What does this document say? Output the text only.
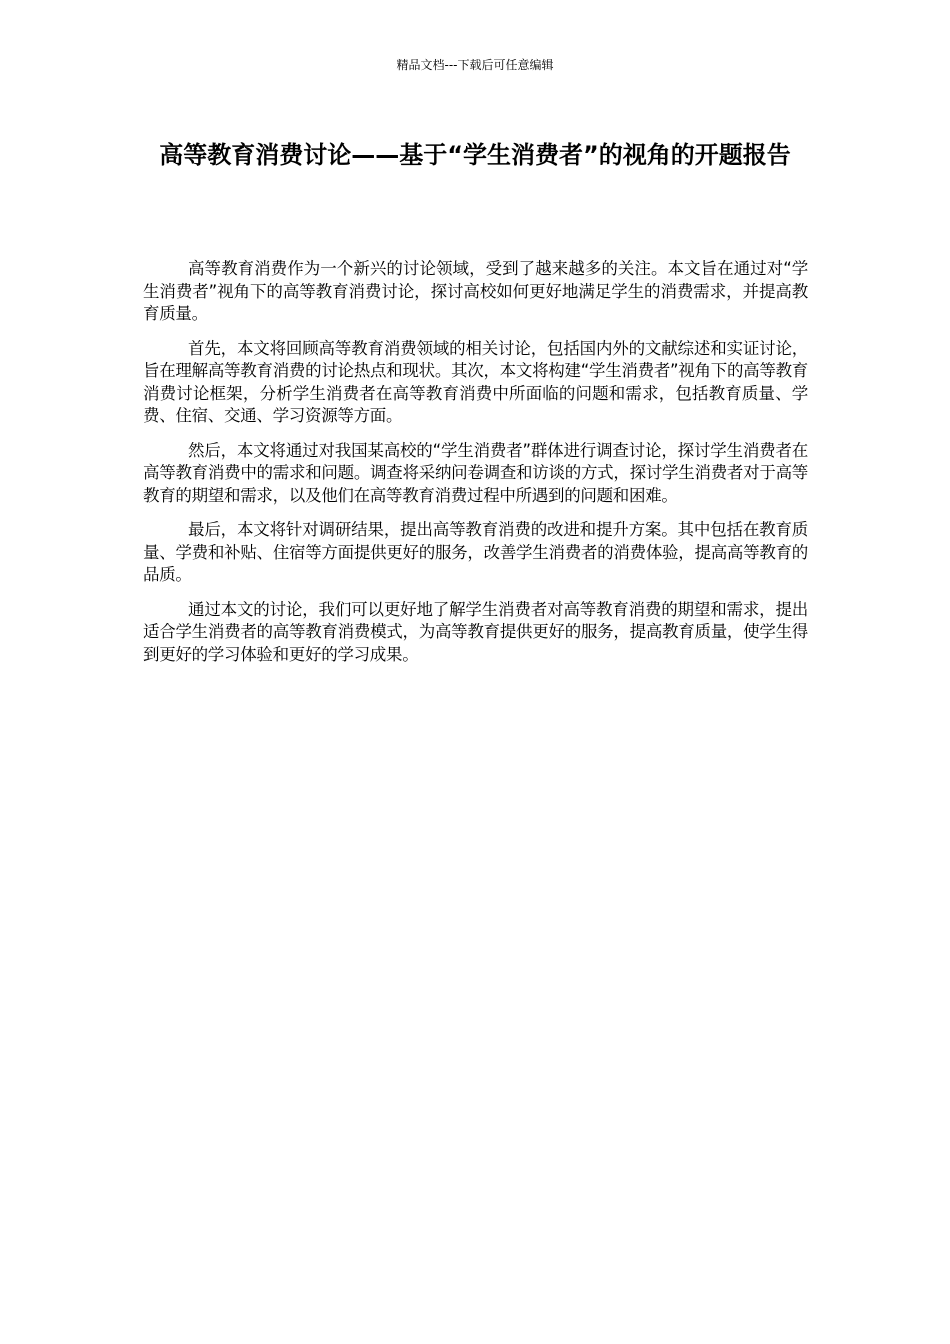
精品文档---下载后可任意编辑
高等教育消费讨论——基于“学生消费者”的视角的开题报告

高等教育消费作为一个新兴的讨论领域，受到了越来越多的关注。本文旨在通过对“学生消费者”视角下的高等教育消费讨论，探讨高校如何更好地满足学生的消费需求，并提高教育质量。

首先，本文将回顾高等教育消费领域的相关讨论，包括国内外的文献综述和实证讨论，旨在理解高等教育消费的讨论热点和现状。其次，本文将构建“学生消费者”视角下的高等教育消费讨论框架，分析学生消费者在高等教育消费中所面临的问题和需求，包括教育质量、学费、住宿、交通、学习资源等方面。

然后，本文将通过对我国某高校的“学生消费者”群体进行调查讨论，探讨学生消费者在高等教育消费中的需求和问题。调查将采纳问卷调查和访谈的方式，探讨学生消费者对于高等教育的期望和需求，以及他们在高等教育消费过程中所遇到的问题和困难。

最后，本文将针对调研结果，提出高等教育消费的改进和提升方案。其中包括在教育质量、学费和补贴、住宿等方面提供更好的服务，改善学生消费者的消费体验，提高高等教育的品质。

通过本文的讨论，我们可以更好地了解学生消费者对高等教育消费的期望和需求，提出适合学生消费者的高等教育消费模式，为高等教育提供更好的服务，提高教育质量，使学生得到更好的学习体验和更好的学习成果。
